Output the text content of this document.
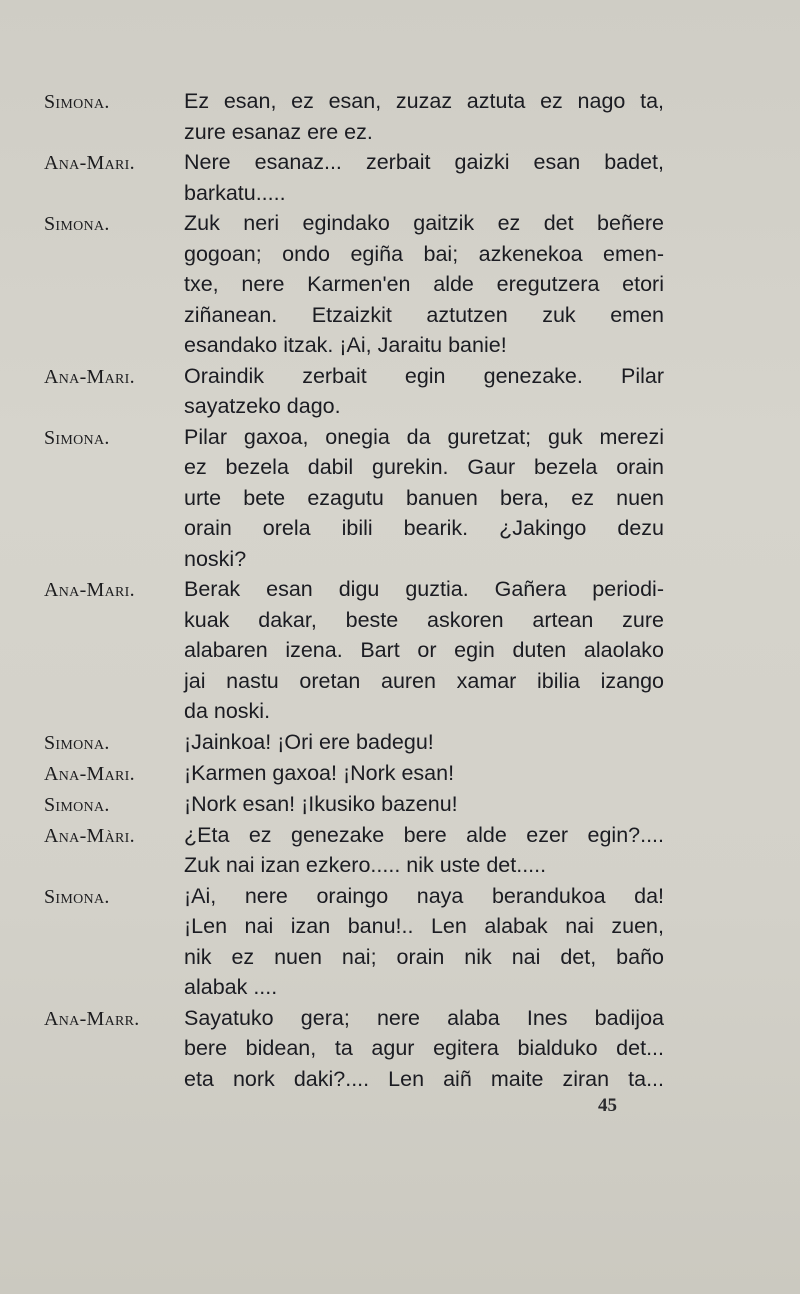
Simona.	Ez esan, ez esan, zuzaz aztuta ez nago ta,
zure esanaz ere ez.
Ana-Mari.	Nere esanaz... zerbait gaizki esan badet,
barkatu.....
Simona.	Zuk neri egindako gaitzik ez det beñere
gogoan; ondo egiña bai; azkenekoa emen-
txe, nere Karmen'en alde eregutzera etori
ziñanean. Etzaizkit aztutzen zuk emen
esandako itzak. ¡Ai, Jaraitu banie!
Ana-Mari.	Oraindik zerbait egin genezake. Pilar
sayatzeko dago.
Simona.	Pilar gaxoa, onegia da guretzat; guk merezi
ez bezela dabil gurekin. Gaur bezela orain
urte bete ezagutu banuen bera, ez nuen
orain orela ibili bearik. ¿Jakingo dezu
noski?
Ana-Mari.	Berak esan digu guztia. Gañera periodi-
kuak dakar, beste askoren artean zure
alabaren izena. Bart or egin duten alaolako
jai nastu oretan auren xamar ibilia izango
da noski.
Simona.	¡Jainkoa! ¡Ori ere badegu!
Ana-Mari.	¡Karmen gaxoa! ¡Nork esan!
Simona.	¡Nork esan! ¡Ikusiko bazenu!
Ana-Màri.	¿Eta ez genezake bere alde ezer egin?....
Zuk nai izan ezkero..... nik uste det.....
Simona.	¡Ai, nere oraingo naya berandukoa da!
¡Len nai izan banu!.. Len alabak nai zuen,
nik ez nuen nai; orain nik nai det, baño
alabak ....
Ana-Marr.	Sayatuko gera; nere alaba Ines badijoa
bere bidean, ta agur egitera bialduko det...
eta nork daki?.... Len aiñ maite ziran ta...
45
